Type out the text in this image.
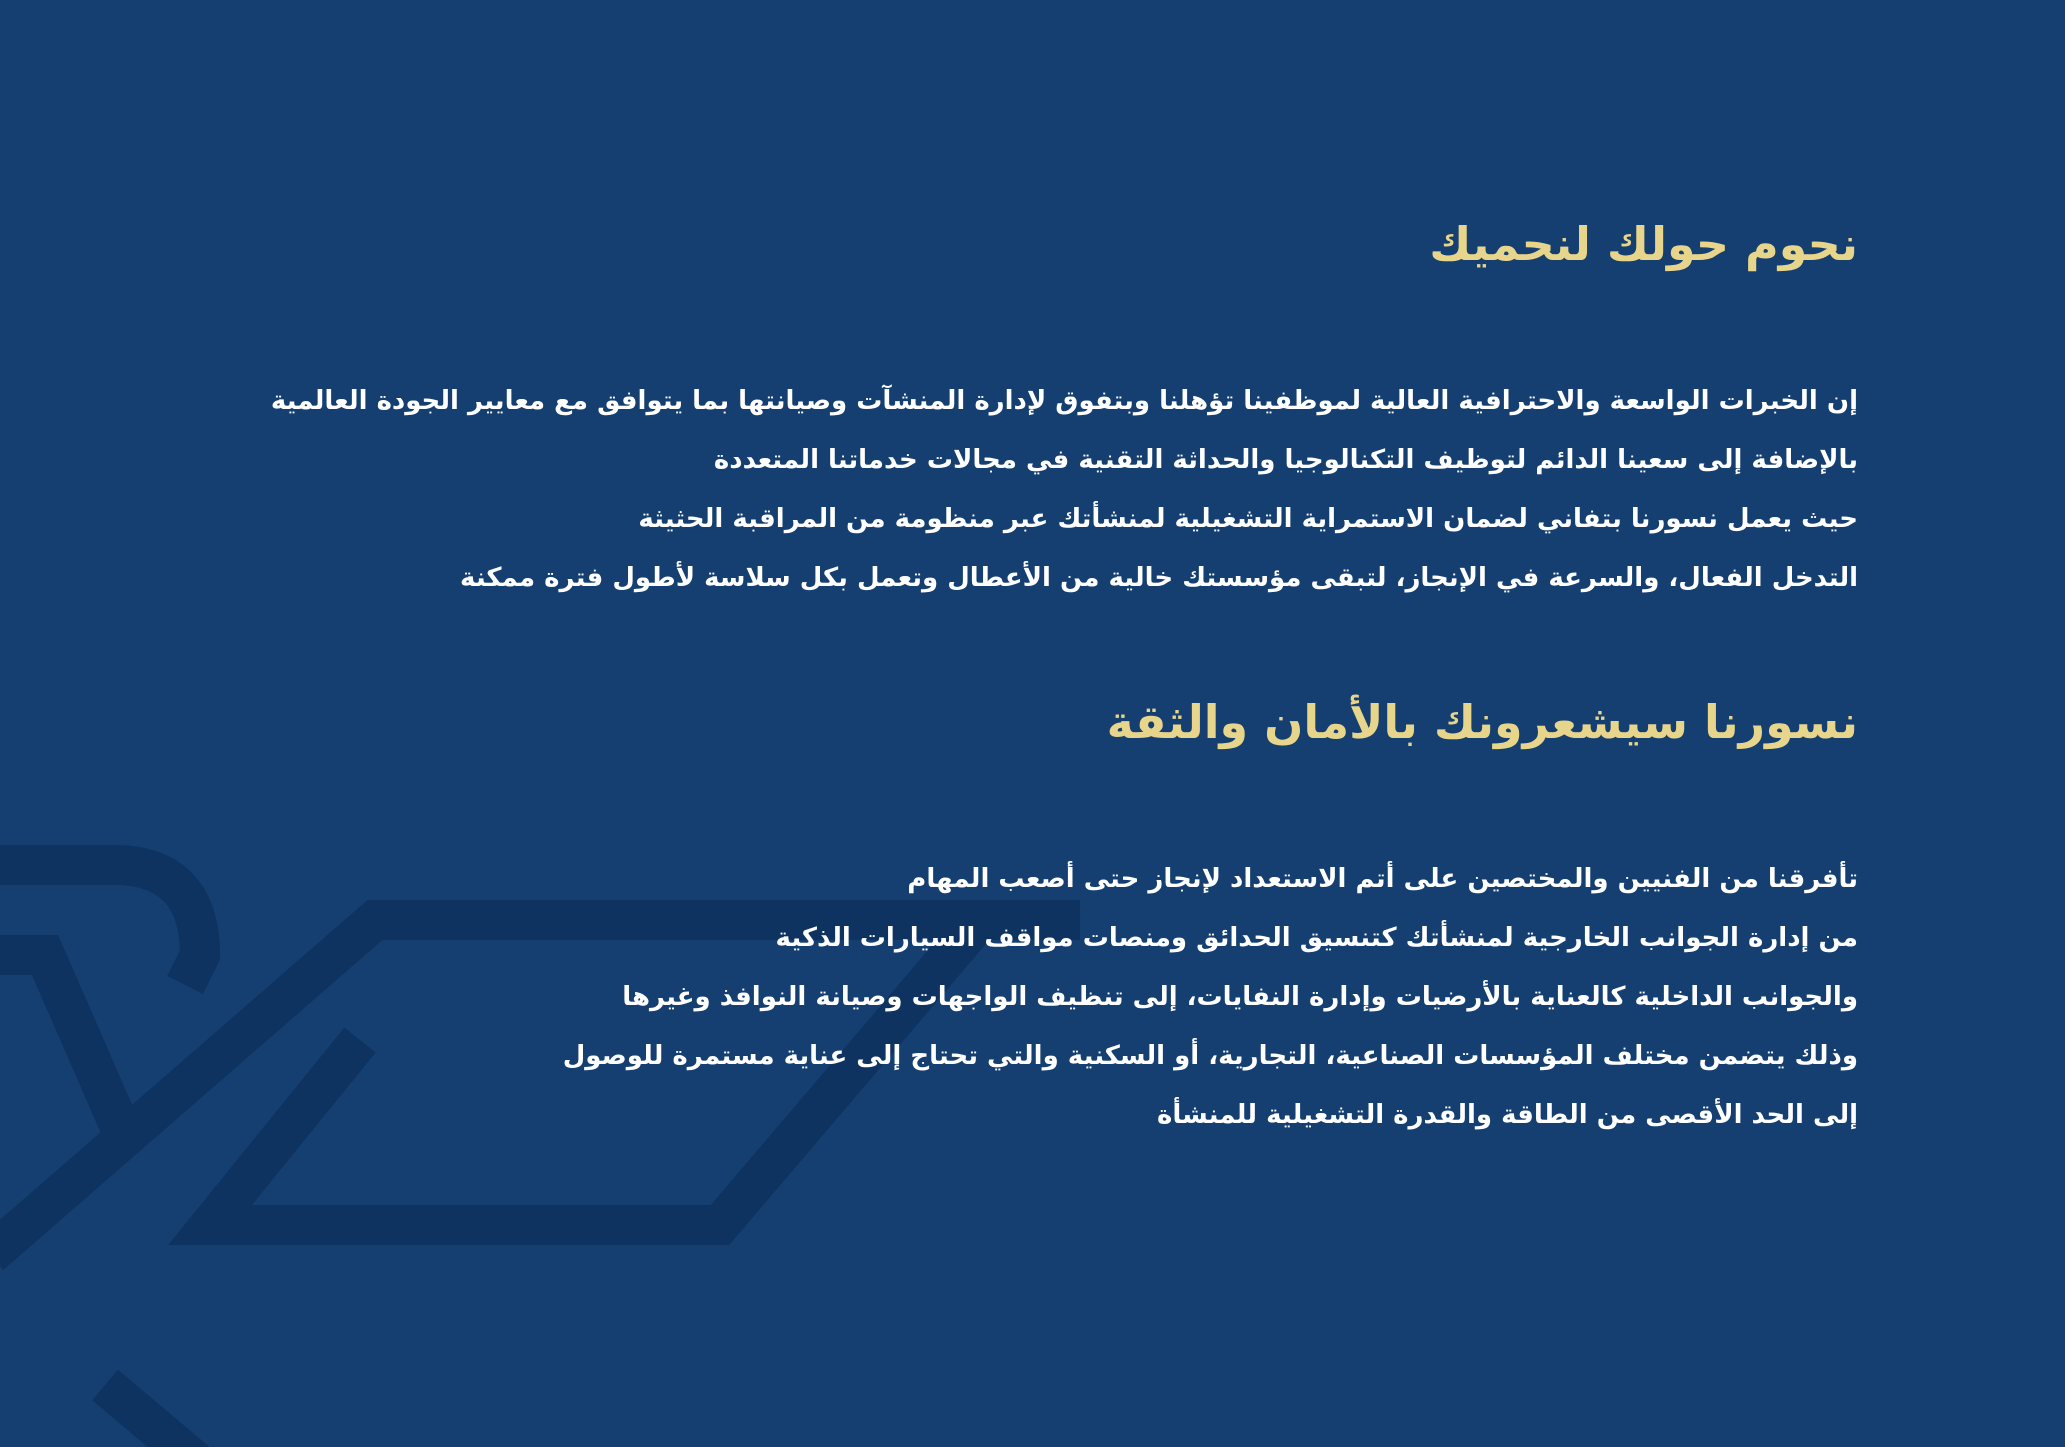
نحوم حولك لنحميك
إن الخبرات الواسعة والاحترافية العالية لموظفينا تؤهلنا وبتفوق لإدارة المنشآت وصيانتها بما يتوافق مع معايير الجودة العالمية
بالإضافة إلى سعينا الدائم لتوظيف التكنالوجيا والحداثة التقنية في مجالات خدماتنا المتعددة
حيث يعمل نسورنا بتفاني لضمان الاستمراية التشغيلية لمنشأتك عبر منظومة من المراقبة الحثيثة
التدخل الفعال، والسرعة في الإنجاز، لتبقى مؤسستك خالية من الأعطال وتعمل بكل سلاسة لأطول فترة ممكنة
نسورنا سيشعرونك بالأمان والثقة
تأفرقنا من الفنيين والمختصين على أتم الاستعداد لإنجاز حتى أصعب المهام
من إدارة الجوانب الخارجية لمنشأتك كتنسيق الحدائق ومنصات مواقف السيارات الذكية
والجوانب الداخلية كالعناية بالأرضيات وإدارة النفايات، إلى تنظيف الواجهات وصيانة النوافذ وغيرها
وذلك يتضمن مختلف المؤسسات الصناعية، التجارية، أو السكنية والتي تحتاج إلى عناية مستمرة للوصول
إلى الحد الأقصى من الطاقة والقدرة التشغيلية للمنشأة
